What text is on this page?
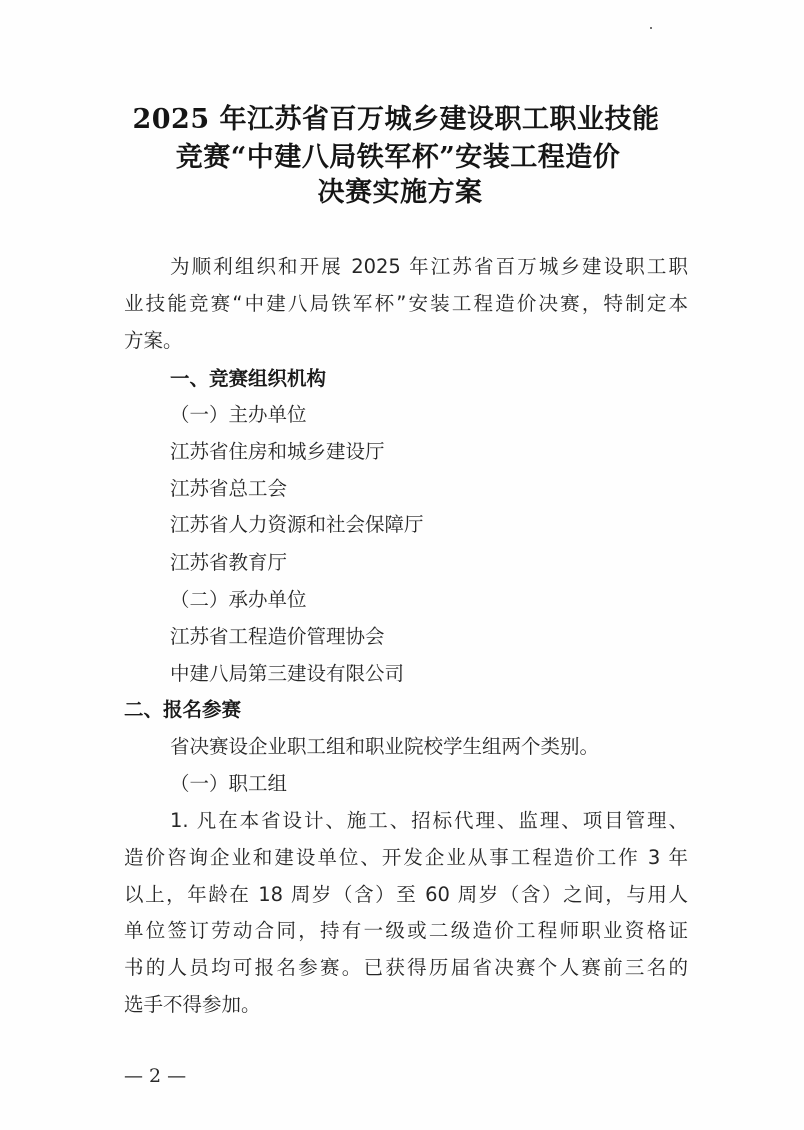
2025 年江苏省百万城乡建设职工职业技能
竞赛“中建八局铁军杯”安装工程造价
决赛实施方案
为顺利组织和开展 2025 年江苏省百万城乡建设职工职
业技能竞赛“中建八局铁军杯”安装工程造价决赛，特制定本
方案。
一、竞赛组织机构
（一）主办单位
江苏省住房和城乡建设厅
江苏省总工会
江苏省人力资源和社会保障厅
江苏省教育厅
（二）承办单位
江苏省工程造价管理协会
中建八局第三建设有限公司
二、报名参赛
省决赛设企业职工组和职业院校学生组两个类别。
（一）职工组
1. 凡在本省设计、施工、招标代理、监理、项目管理、
造价咨询企业和建设单位、开发企业从事工程造价工作 3 年
以上，年龄在 18 周岁（含）至 60 周岁（含）之间，与用人
单位签订劳动合同，持有一级或二级造价工程师职业资格证
书的人员均可报名参赛。已获得历届省决赛个人赛前三名的
选手不得参加。
— 2 —
